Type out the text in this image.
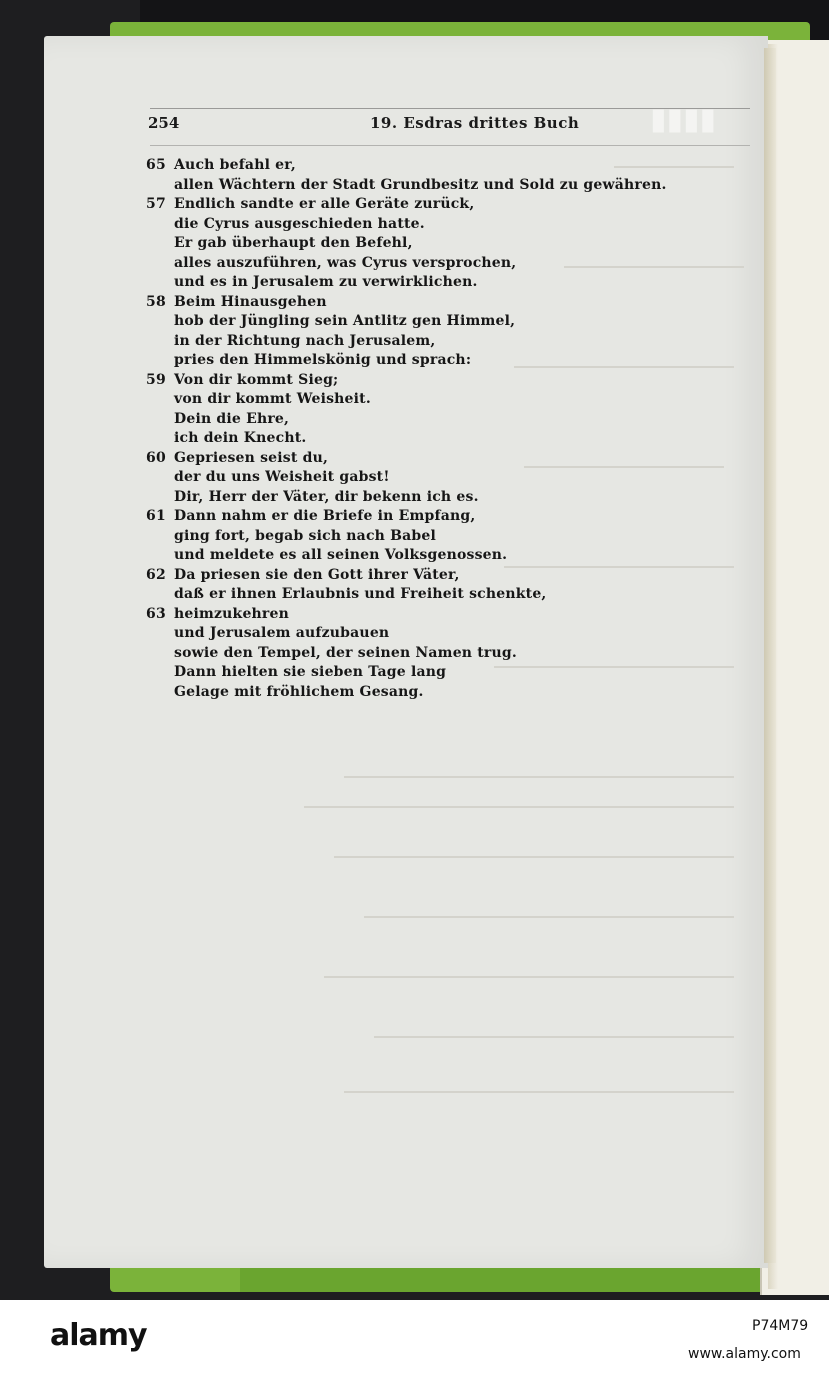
254	19. Esdras drittes Buch
65 Auch befahl er,
allen Wächtern der Stadt Grundbesitz und Sold zu gewähren.
57 Endlich sandte er alle Geräte zurück,
die Cyrus ausgeschieden hatte.
Er gab überhaupt den Befehl,
alles auszuführen, was Cyrus versprochen,
und es in Jerusalem zu verwirklichen.
58 Beim Hinausgehen
hob der Jüngling sein Antlitz gen Himmel,
in der Richtung nach Jerusalem,
pries den Himmelskönig und sprach:
59 Von dir kommt Sieg;
von dir kommt Weisheit.
Dein die Ehre,
ich dein Knecht.
60 Gepriesen seist du,
der du uns Weisheit gabst!
Dir, Herr der Väter, dir bekenn ich es.
61 Dann nahm er die Briefe in Empfang,
ging fort, begab sich nach Babel
und meldete es all seinen Volksgenossen.
62 Da priesen sie den Gott ihrer Väter,
daß er ihnen Erlaubnis und Freiheit schenkte,
63 heimzukehren
und Jerusalem aufzubauen
sowie den Tempel, der seinen Namen trug.
Dann hielten sie sieben Tage lang
Gelage mit fröhlichem Gesang.
▮▮▮▮
alamy	P74M79
www.alamy.com
